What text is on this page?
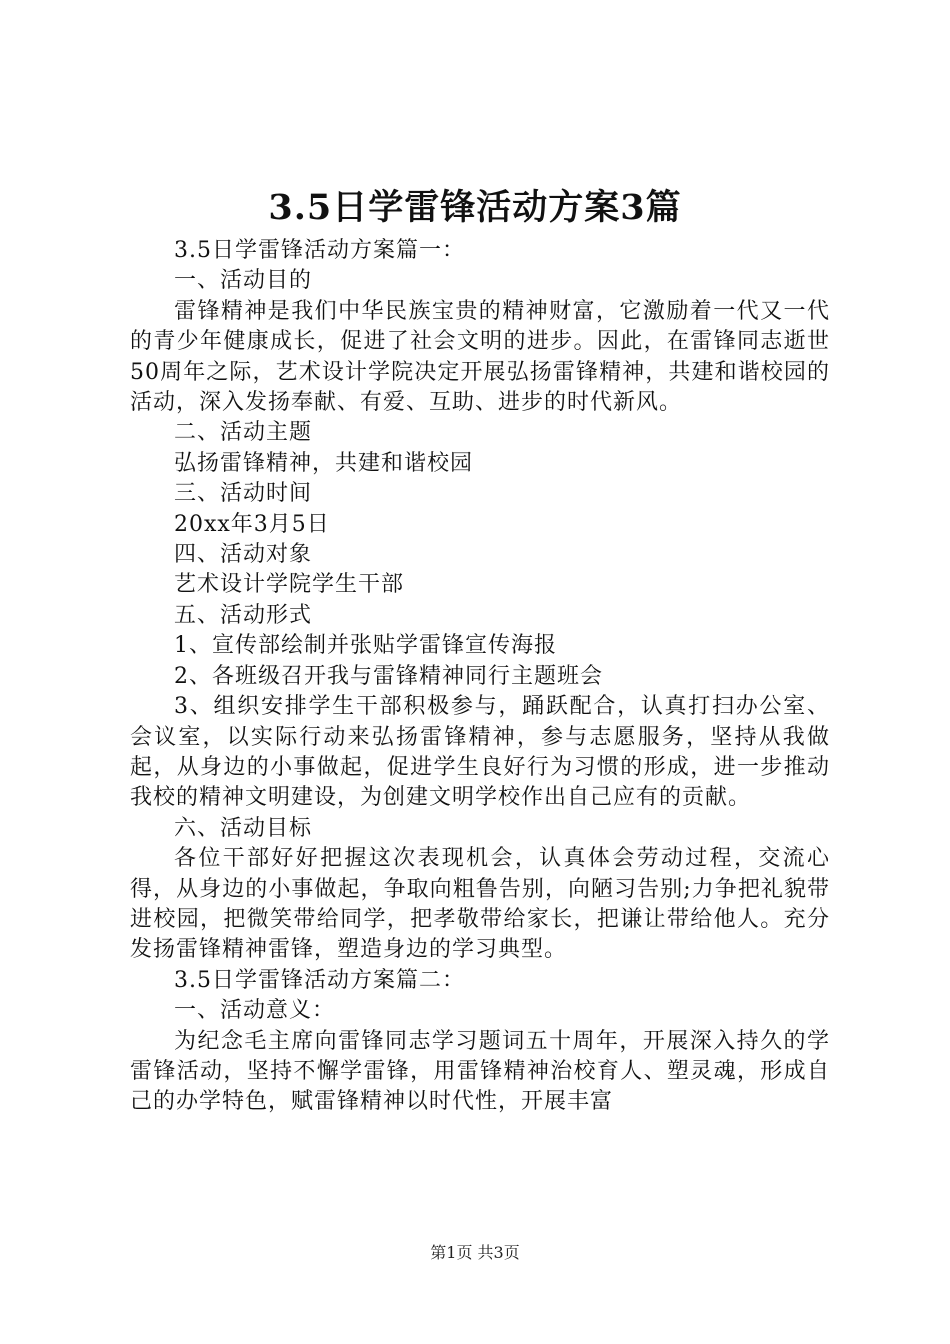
3.5日学雷锋活动方案3篇

3.5日学雷锋活动方案篇一：

一、活动目的

雷锋精神是我们中华民族宝贵的精神财富，它激励着一代又一代的青少年健康成长，促进了社会文明的进步。因此，在雷锋同志逝世50周年之际，艺术设计学院决定开展弘扬雷锋精神，共建和谐校园的活动，深入发扬奉献、有爱、互助、进步的时代新风。

二、活动主题

弘扬雷锋精神，共建和谐校园

三、活动时间

20xx年3月5日

四、活动对象

艺术设计学院学生干部

五、活动形式

1、宣传部绘制并张贴学雷锋宣传海报

2、各班级召开我与雷锋精神同行主题班会

3、组织安排学生干部积极参与，踊跃配合，认真打扫办公室、会议室，以实际行动来弘扬雷锋精神，参与志愿服务，坚持从我做起，从身边的小事做起，促进学生良好行为习惯的形成，进一步推动我校的精神文明建设，为创建文明学校作出自己应有的贡献。

六、活动目标

各位干部好好把握这次表现机会，认真体会劳动过程，交流心得，从身边的小事做起，争取向粗鲁告别，向陋习告别;力争把礼貌带进校园，把微笑带给同学，把孝敬带给家长，把谦让带给他人。充分发扬雷锋精神雷锋，塑造身边的学习典型。

3.5日学雷锋活动方案篇二：

一、活动意义：

为纪念毛主席向雷锋同志学习题词五十周年，开展深入持久的学雷锋活动，坚持不懈学雷锋，用雷锋精神治校育人、塑灵魂，形成自己的办学特色，赋雷锋精神以时代性，开展丰富

第1页 共3页
